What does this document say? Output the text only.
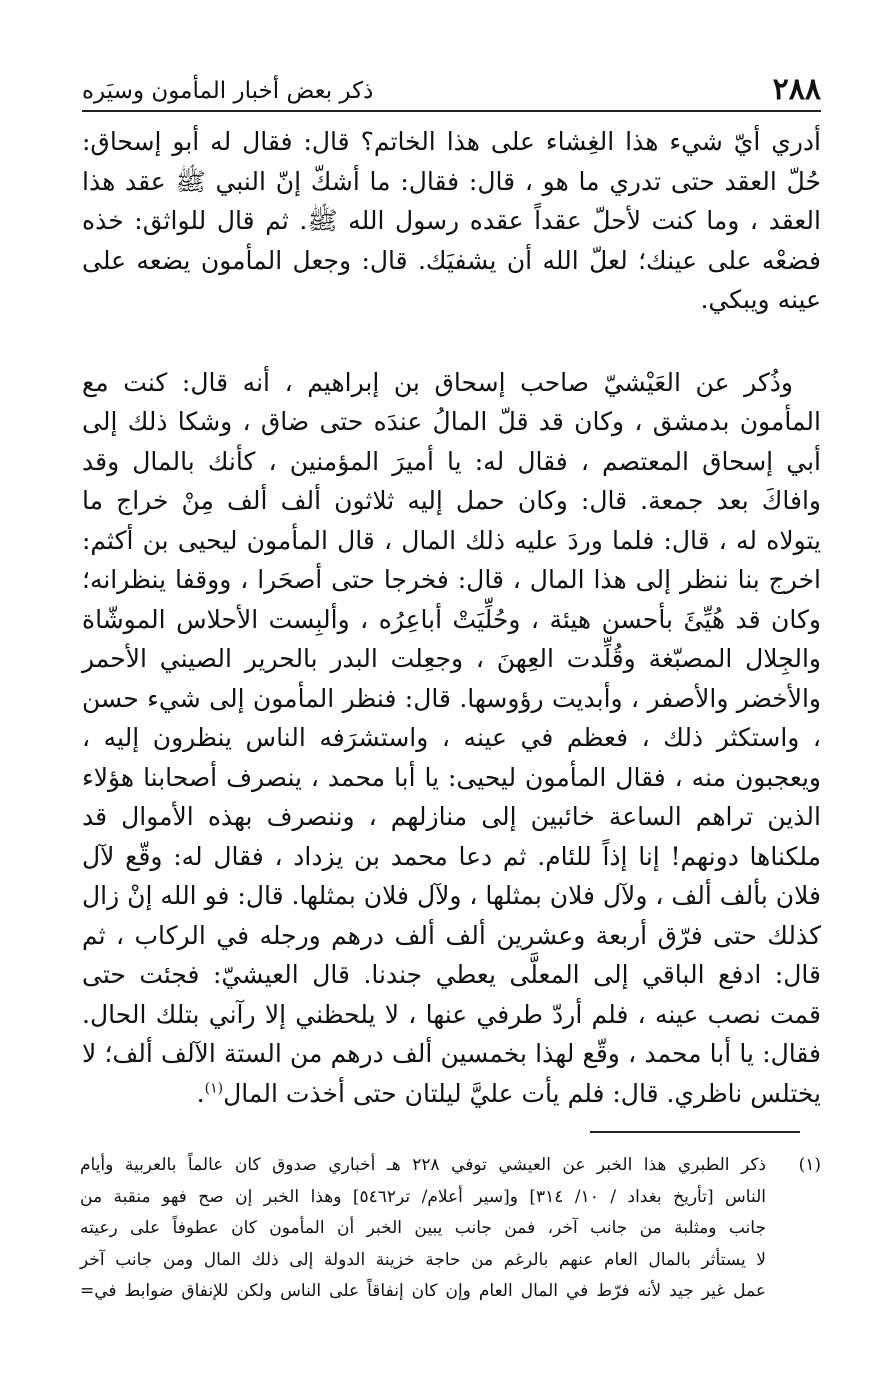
٢٨٨
ذكر بعض أخبار المأمون وسيَره

أدري أيّ شيء هذا الغِشاء على هذا الخاتم؟ قال: فقال له أبو إسحاق: حُلّ العقد حتى تدري ما هو ، قال: فقال: ما أشكّ إنّ النبي ﷺ عقد هذا العقد ، وما كنت لأحلّ عقداً عقده رسول الله ﷺ. ثم قال للواثق: خذه فضعْه على عينك؛ لعلّ الله أن يشفيَك. قال: وجعل المأمون يضعه على عينه ويبكي.

وذُكر عن العَيْشيّ صاحب إسحاق بن إبراهيم ، أنه قال: كنت مع المأمون بدمشق ، وكان قد قلّ المالُ عندَه حتى ضاق ، وشكا ذلك إلى أبي إسحاق المعتصم ، فقال له: يا أميرَ المؤمنين ، كأنك بالمال وقد وافاكَ بعد جمعة. قال: وكان حمل إليه ثلاثون ألف ألف مِنْ خراج ما يتولاه له ، قال: فلما وردَ عليه ذلك المال ، قال المأمون ليحيى بن أكثم: اخرج بنا ننظر إلى هذا المال ، قال: فخرجا حتى أصحَرا ، ووقفا ينظرانه؛ وكان قد هُيِّئَ بأحسن هيئة ، وحُلِّيَتْ أباعِرُه ، وألبِست الأحلاس الموشّاة والجِلال المصبّغة وقُلِّدت العِهنَ ، وجعِلت البدر بالحرير الصيني الأحمر والأخضر والأصفر ، وأبديت رؤوسها. قال: فنظر المأمون إلى شيء حسن ، واستكثر ذلك ، فعظم في عينه ، واستشرَفه الناس ينظرون إليه ، ويعجبون منه ، فقال المأمون ليحيى: يا أبا محمد ، ينصرف أصحابنا هؤلاء الذين تراهم الساعة خائبين إلى منازلهم ، وننصرف بهذه الأموال قد ملكناها دونهم! إنا إذاً للئام. ثم دعا محمد بن يزداد ، فقال له: وقّع لآل فلان بألف ألف ، ولآل فلان بمثلها ، ولآل فلان بمثلها. قال: فو الله إنْ زال كذلك حتى فرّق أربعة وعشرين ألف ألف درهم ورجله في الركاب ، ثم قال: ادفع الباقي إلى المعلَّى يعطي جندنا. قال العيشيّ: فجئت حتى قمت نصب عينه ، فلم أردّ طرفي عنها ، لا يلحظني إلا رآني بتلك الحال. فقال: يا أبا محمد ، وقّع لهذا بخمسين ألف درهم من الستة الآلف ألف؛ لا يختلس ناظري. قال: فلم يأت عليَّ ليلتان حتى أخذت المال$^{(١)}$.

(١)
ذكر الطبري هذا الخبر عن العيشي توفي ٢٢٨ هـ أخباري صدوق كان عالماً بالعربية وأيام
الناس [تأريخ بغداد / ١٠/ ٣١٤] و[سير أعلام/ تر٥٤٦٢] وهذا الخبر إن صح فهو منقبة من
جانب ومثلبة من جانب آخر، فمن جانب يبين الخبر أن المأمون كان عطوفاً على رعيته
لا يستأثر بالمال العام عنهم بالرغم من حاجة خزينة الدولة إلى ذلك المال ومن جانب آخر
عمل غير جيد لأنه فرّط في المال العام وإن كان إنفاقاً على الناس ولكن للإنفاق ضوابط في=
